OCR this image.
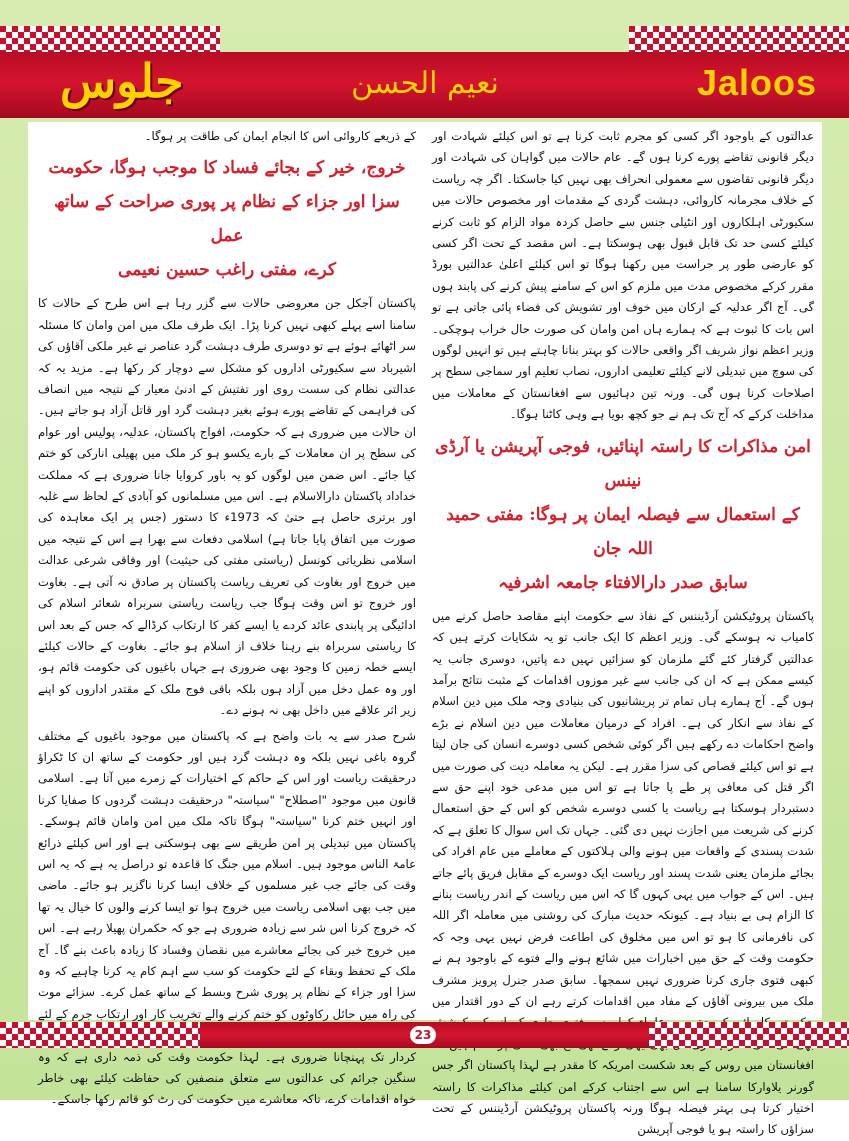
جلوس	نعیم الحسن	Jaloos

عدالتوں کے باوجود اگر کسی کو مجرم ثابت کرنا ہے تو اس کیلئے شہادت اور دیگر قانونی تقاضے پورے کرنا ہوں گے۔ عام حالات میں گواہان کی شہادت اور دیگر قانونی تقاضوں سے معمولی انحراف بھی نہیں کیا جاسکتا۔ اگر چہ ریاست کے خلاف مجرمانہ کاروائی، دہشت گردی کے مقدمات اور مخصوص حالات میں سکیورٹی اہلکاروں اور انٹیلی جنس سے حاصل کردہ مواد الزام کو ثابت کرنے کیلئے کسی حد تک قابل قبول بھی ہوسکتا ہے۔ اس مقصد کے تحت اگر کسی کو عارضی طور پر حراست میں رکھنا ہوگا تو اس کیلئے اعلیٰ عدالتیں بورڈ مقرر کرکے مخصوص مدت میں ملزم کو اس کے سامنے پیش کرنے کی پابند ہوں گی۔ آج اگر عدلیہ کے ارکان میں خوف اور تشویش کی فضاء پائی جاتی ہے تو اس بات کا ثبوت ہے کہ ہمارے ہاں امن وامان کی صورت حال خراب ہوچکی۔ وزیر اعظم نواز شریف اگر واقعی حالات کو بہتر بنانا چاہتے ہیں تو انہیں لوگوں کی سوچ میں تبدیلی لانے کیلئے تعلیمی اداروں، نصاب تعلیم اور سماجی سطح پر اصلاحات کرنا ہوں گی۔ ورنہ تین دہائیوں سے افغانستان کے معاملات میں مداخلت کرکے کہ آج تک ہم نے جو کچھ بویا ہے وہی کاٹنا ہوگا۔

امن مذاکرات کا راستہ اپنائیں، فوجی آپریشن یا آرڈی نینس
کے استعمال سے فیصلہ ایمان پر ہوگا: مفتی حمید اللہ جان
سابق صدر دارالافتاء جامعہ اشرفیہ

پاکستان پروٹیکشن آرڈیننس کے نفاذ سے حکومت اپنے مقاصد حاصل کرنے میں کامیاب نہ ہوسکے گی۔ وزیر اعظم کا ایک جانب تو یہ شکایات کرتے ہیں کہ عدالتیں گرفتار کئے گئے ملزمان کو سزائیں نہیں دے پاتیں، دوسری جانب یہ کیسے ممکن ہے کہ ان کی جانب سے غیر موزوں اقدامات کے مثبت نتائج برآمد ہوں گے۔ آج ہمارے ہاں تمام تر پریشانیوں کی بنیادی وجہ ملک میں دین اسلام کے نفاذ سے انکار کی ہے۔ افراد کے درمیان معاملات میں دین اسلام نے بڑے واضح احکامات دے رکھے ہیں اگر کوئی شخص کسی دوسرے انسان کی جان لیتا ہے تو اس کیلئے قصاص کی سزا مقرر ہے۔ لیکن یہ معاملہ دیت کی صورت میں اگر قتل کی معافی پر طے پا جاتا ہے تو اس میں مدعی خود اپنے حق سے دستبردار ہوسکتا ہے ریاست یا کسی دوسرے شخص کو اس کے حق استعمال کرنے کی شریعت میں اجازت نہیں دی گئی۔ جہاں تک اس سوال کا تعلق ہے کہ شدت پسندی کے واقعات میں ہونے والی ہلاکتوں کے معاملے میں عام افراد کی بجائے ملزمان یعنی شدت پسند اور ریاست ایک دوسرے کے مقابل فریق پائے جاتے ہیں۔ اس کے جواب میں یہی کہوں گا کہ اس میں ریاست کے اندر ریاست بنانے کا الزام ہی بے بنیاد ہے۔ کیونکہ حدیث مبارک کی روشنی میں معاملہ اگر اللہ کی نافرمانی کا ہو تو اس میں مخلوق کی اطاعت فرض نہیں یہی وجہ کہ حکومت وقت کے حق میں اخبارات میں شائع ہونے والے فتوے کے باوجود ہم نے کبھی فتوی جاری کرنا ضروری نہیں سمجھا۔ سابق صدر جنرل پرویز مشرف ملک میں بیرونی آقاؤں کے مفاد میں اقدامات کرتے رہے ان کے دور اقتدار میں افغانستان میں روس کے بعد شکست امریکہ کا مقدر ہے لہذا پاکستان اگر جس گورنر یلاوارکا سامنا ہے اس سے اجتناب کرکے امن کیلئے مذاکرات کا راستہ اختیار کرتا ہی بہتر فیصلہ ہوگا ورنہ پاکستان پروٹیکشن آرڈیننس کے تحت سزاؤں کا راستہ ہو یا فوجی آپریشن

کے ذریعے کاروائی اس کا انجام ایمان کی طاقت پر ہوگا۔

خروج، خیر کے بجائے فساد کا موجب ہوگا، حکومت
سزا اور جزاء کے نظام پر پوری صراحت کے ساتھ عمل
کرے، مفتی راغب حسین نعیمی

پاکستان آجکل جن معروضی حالات سے گزر رہا ہے اس طرح کے حالات کا سامنا اسے پہلے کبھی نہیں کرنا پڑا۔ ایک طرف ملک میں امن وامان کا مسئلہ سر اٹھائے ہوئے ہے تو دوسری طرف دہشت گرد عناصر نے غیر ملکی آقاؤں کی اشیرباد سے سکیورٹی اداروں کو مشکل سے دوچار کر رکھا ہے۔ مزید یہ کہ عدالتی نظام کی سست روی اور تفتیش کے ادنیٰ معیار کے نتیجہ میں انصاف کی فراہمی کے تقاضے پورے ہوئے بغیر دہشت گرد اور قاتل آزاد ہو جاتے ہیں۔ ان حالات میں ضروری ہے کہ حکومت، افواج پاکستان، عدلیہ، پولیس اور عوام کی سطح پر ان معاملات کے بارے یکسو ہو کر ملک میں پھیلی انارکی کو ختم کیا جائے۔ اس ضمن میں لوگوں کو یہ باور کروایا جانا ضروری ہے کہ مملکت خداداد پاکستان دارالاسلام ہے۔ اس میں مسلمانوں کو آبادی کے لحاظ سے غلبہ اور برتری حاصل ہے حتیٰ کہ 1973ء کا دستور (جس پر ایک معاہدہ کی صورت میں اتفاق پایا جاتا ہے) اسلامی دفعات سے بھرا ہے اس کے نتیجہ میں اسلامی نظریاتی کونسل (ریاستی مفتی کی حیثیت) اور وفاقی شرعی عدالت میں خروج اور بغاوت کی تعریف ریاست پاکستان پر صادق نہ آتی ہے۔ بغاوت اور خروج تو اس وقت ہوگا جب ریاست ریاستی سربراہ شعائر اسلام کی ادائیگی پر پابندی عائد کردے یا ایسے کفر کا ارتکاب کرڈالے کہ جس کے بعد اس کا ریاستی سربراہ بنے رہنا خلاف از اسلام ہو جائے۔ بغاوت کے حالات کیلئے ایسے خطہ زمین کا وجود بھی ضروری ہے جہاں باغیوں کی حکومت قائم ہو، اور وہ عمل دخل میں آزاد ہوں بلکہ باقی فوج ملک کے مقتدر اداروں کو اپنے زیر اثر علاقے میں داخل بھی نہ ہونے دے۔

شرح صدر سے یہ بات واضح ہے کہ پاکستان میں موجود باغیوں کے مختلف گروہ باغی نہیں بلکہ وہ دہشت گرد ہیں اور حکومت کے ساتھ ان کا ٹکراؤ درحقیقت ریاست اور اس کے حاکم کے اختیارات کے زمرے میں آتا ہے۔ اسلامی قانون میں موجود "اصطلاح" "سیاستہ" درحقیقت دہشت گردوں کا صفایا کرنا اور انہیں ختم کرنا "سیاستہ" ہوگا تاکہ ملک میں امن وامان قائم ہوسکے۔ پاکستان میں تبدیلی پر امن طریقے سے بھی ہوسکتی ہے اور اس کیلئے ذرائع عامۃ الناس موجود ہیں۔ اسلام میں جنگ کا قاعدہ تو دراصل یہ ہے کہ یہ اس وقت کی جائے جب غیر مسلموں کے خلاف ایسا کرنا ناگزیر ہو جائے۔ ماضی میں جب بھی اسلامی ریاست میں خروج ہوا تو ایسا کرنے والوں کا خیال یہ تھا کہ خروج کرنا اس شر سے زیادہ ضروری ہے جو کہ حکمران پھیلا رہے ہے۔ اس میں خروج خیر کی بجائے معاشرے میں نقصان وفساد کا زیادہ باعث بنے گا۔ آج ملک کے تحفظ وبقاء کے لئے حکومت کو سب سے اہم کام یہ کرنا چاہیے کہ وہ سزا اور جزاء کے نظام پر پوری شرح وبسط کے ساتھ عمل کرے۔ سزائے موت کی راہ میں حائل رکاوٹوں کو ختم کرنے والے تخریب کار اور ارتکاب جرم کے لئے کردار تک پہنچانا ضروری ہے۔ لہذا حکومت وقت کی ذمہ داری ہے کہ وہ سنگین جرائم کی عدالتوں سے متعلق منصفین کی حفاظت کیلئے بھی خاطر خواہ اقدامات کرے، تاکہ معاشرے میں حکومت کی رٹ کو قائم رکھا جاسکے۔

23
